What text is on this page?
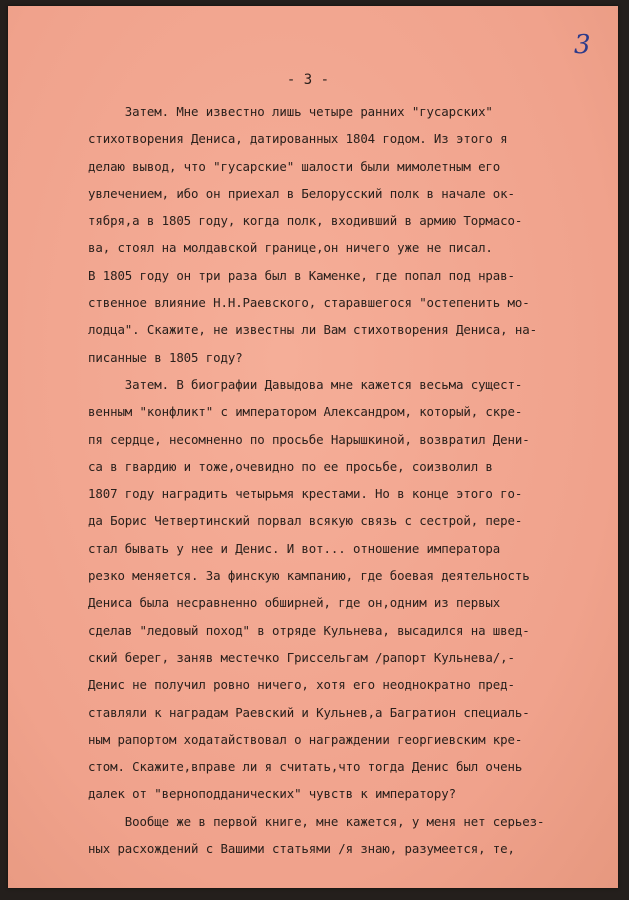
3
- 3 -
Затем. Мне известно лишь четыре ранних "гусарских"
стихотворения Дениса, датированных 1804 годом. Из этого я
делаю вывод, что "гусарские" шалости были мимолетным его
увлечением, ибо он приехал в Белорусский полк в начале ок-
тября,а в 1805 году, когда полк, входивший в армию Тормасо-
ва, стоял на молдавской границе,он ничего уже не писал.
В 1805 году он три раза был в Каменке, где попал под нрав-
ственное влияние Н.Н.Раевского, старавшегося "остепенить мо-
лодца". Скажите, не известны ли Вам стихотворения Дениса, на-
писанные в 1805 году?
Затем. В биографии Давыдова мне кажется весьма сущест-
венным "конфликт" с императором Александром, который, скре-
пя сердце, несомненно по просьбе Нарышкиной, возвратил Дени-
са в гвардию и тоже,очевидно по ее просьбе, соизволил в
1807 году наградить четырьмя крестами. Но в конце этого го-
да Борис Четвертинский порвал всякую связь с сестрой, пере-
стал бывать у нее и Денис. И вот... отношение императора
резко меняется. За финскую кампанию, где боевая деятельность
Дениса была несравненно обширней, где он,одним из первых
сделав "ледовый поход" в отряде Кульнева, высадился на швед-
ский берег, заняв местечко Гриссельгам /рапорт Кульнева/,-
Денис не получил ровно ничего, хотя его неоднократно пред-
ставляли к наградам Раевский и Кульнев,а Багратион специаль-
ным рапортом ходатайствовал о награждении георгиевским кре-
стом. Скажите,вправе ли я считать,что тогда Денис был очень
далек от "верноподданических" чувств к императору?
Вообще же в первой книге, мне кажется, у меня нет серьез-
ных расхождений с Вашими статьями /я знаю, разумеется, те,
